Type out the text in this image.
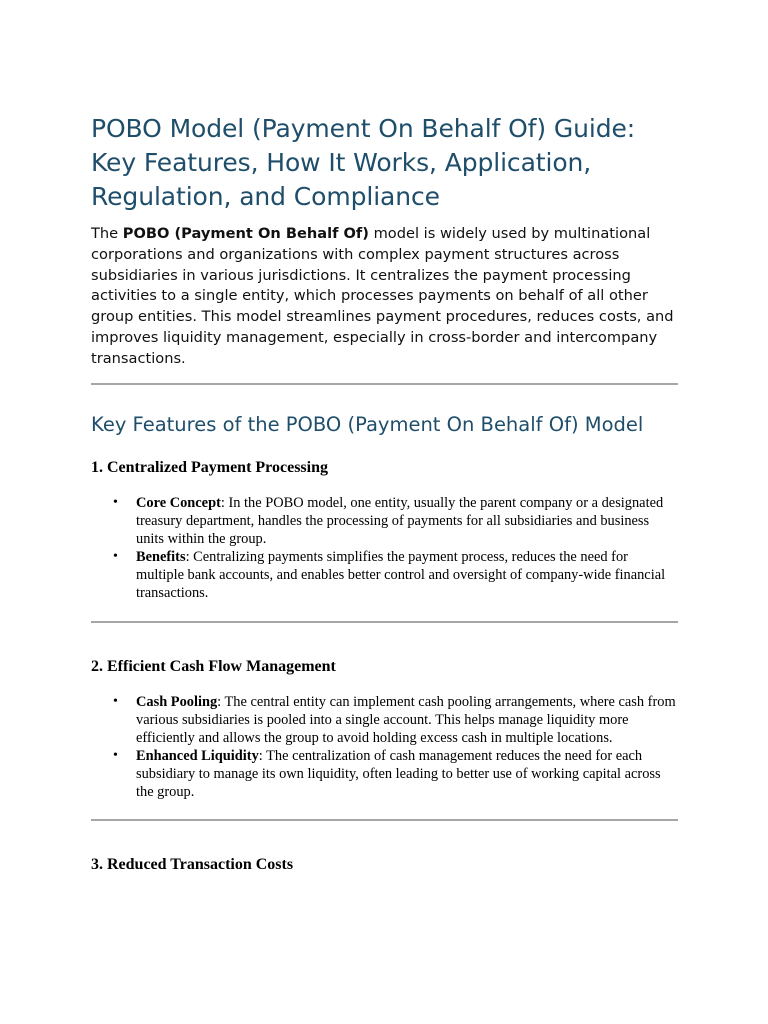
POBO Model (Payment On Behalf Of) Guide: Key Features, How It Works, Application, Regulation, and Compliance

The POBO (Payment On Behalf Of) model is widely used by multinational corporations and organizations with complex payment structures across subsidiaries in various jurisdictions. It centralizes the payment processing activities to a single entity, which processes payments on behalf of all other group entities. This model streamlines payment procedures, reduces costs, and improves liquidity management, especially in cross-border and intercompany transactions.

Key Features of the POBO (Payment On Behalf Of) Model
1. Centralized Payment Processing
• Core Concept: In the POBO model, one entity, usually the parent company or a designated treasury department, handles the processing of payments for all subsidiaries and business units within the group.
• Benefits: Centralizing payments simplifies the payment process, reduces the need for multiple bank accounts, and enables better control and oversight of company-wide financial transactions.
2. Efficient Cash Flow Management
• Cash Pooling: The central entity can implement cash pooling arrangements, where cash from various subsidiaries is pooled into a single account. This helps manage liquidity more efficiently and allows the group to avoid holding excess cash in multiple locations.
• Enhanced Liquidity: The centralization of cash management reduces the need for each subsidiary to manage its own liquidity, often leading to better use of working capital across the group.
3. Reduced Transaction Costs
